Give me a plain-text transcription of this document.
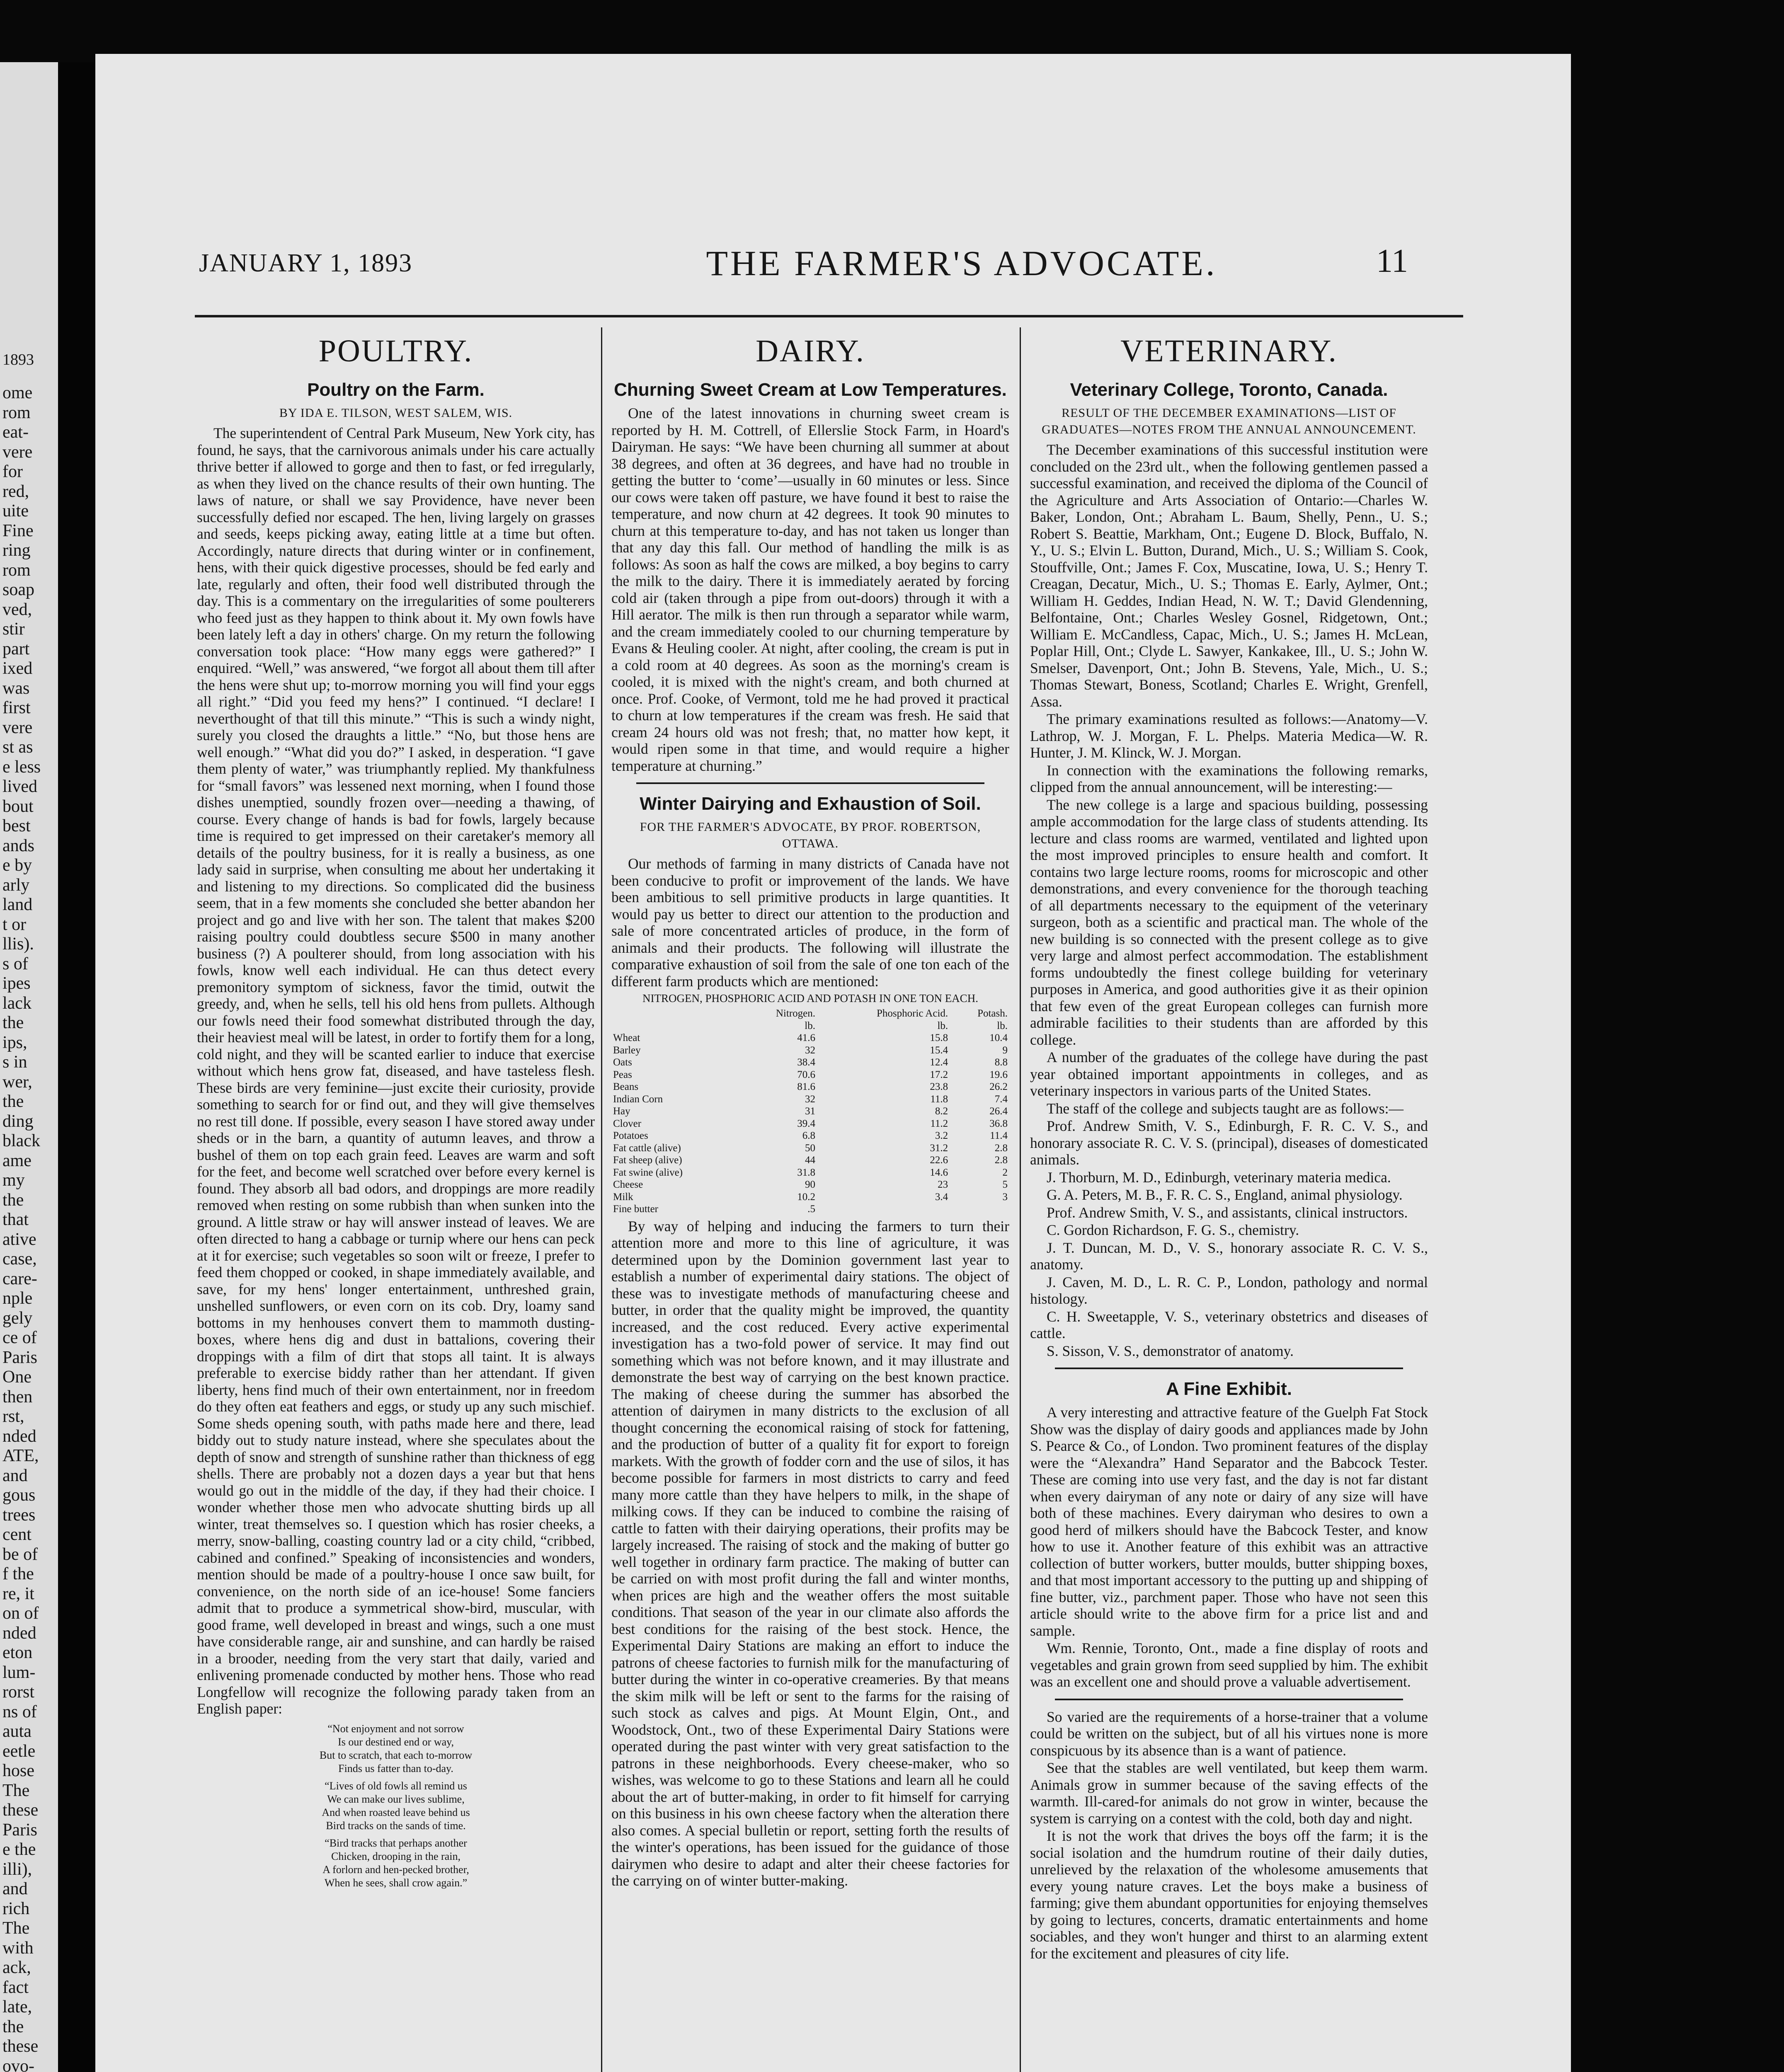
1893
ome
rom
eat-
vere
for
red,
uite
Fine
ring
rom
soap
ved,
stir
part
ixed
was
first
vere
st as
e less
lived
bout
best
ands
e by
arly
land
t or
llis).
s of
ipes
lack
the
ips,
s in
wer,
the
ding
black
ame
my
the
that
ative
case,
care-
nple
gely
ce of
Paris
One
then
rst,
nded
ATE,
and
gous
trees
cent
be of
f the
re, it
on of
nded
eton
lum-
rorst
ns of
auta
eetle
hose
The
these
Paris
e the
illi),
and
rich
The
with
ack,
fact
late,
the
these
ovo-
JANUARY 1, 1893	THE FARMER'S ADVOCATE.	11
POULTRY.
Poultry on the Farm.
BY IDA E. TILSON, WEST SALEM, WIS.

The superintendent of Central Park Museum, New York city, has found, he says, that the carnivorous animals under his care actually thrive better if allowed to gorge and then to fast, or fed irregularly, as when they lived on the chance results of their own hunting. The laws of nature, or shall we say Providence, have never been successfully defied nor escaped. The hen, living largely on grasses and seeds, keeps picking away, eating little at a time but often. Accordingly, nature directs that during winter or in confinement, hens, with their quick digestive processes, should be fed early and late, regularly and often, their food well distributed through the day. This is a commentary on the irregularities of some poulterers who feed just as they happen to think about it. My own fowls have been lately left a day in others' charge. On my return the following conversation took place: “How many eggs were gathered?” I enquired. “Well,” was answered, “we forgot all about them till after the hens were shut up; to-morrow morning you will find your eggs all right.” “Did you feed my hens?” I continued. “I declare! I neverthought of that till this minute.” “This is such a windy night, surely you closed the draughts a little.” “No, but those hens are well enough.” “What did you do?” I asked, in desperation. “I gave them plenty of water,” was triumphantly replied. My thankfulness for “small favors” was lessened next morning, when I found those dishes unemptied, soundly frozen over—needing a thawing, of course. Every change of hands is bad for fowls, largely because time is required to get impressed on their caretaker's memory all details of the poultry business, for it is really a business, as one lady said in surprise, when consulting me about her undertaking it and listening to my directions. So complicated did the business seem, that in a few moments she concluded she better abandon her project and go and live with her son. The talent that makes $200 raising poultry could doubtless secure $500 in many another business (?) A poulterer should, from long association with his fowls, know well each individual. He can thus detect every premonitory symptom of sickness, favor the timid, outwit the greedy, and, when he sells, tell his old hens from pullets. Although our fowls need their food somewhat distributed through the day, their heaviest meal will be latest, in order to fortify them for a long, cold night, and they will be scanted earlier to induce that exercise without which hens grow fat, diseased, and have tasteless flesh. These birds are very feminine—just excite their curiosity, provide something to search for or find out, and they will give themselves no rest till done. If possible, every season I have stored away under sheds or in the barn, a quantity of autumn leaves, and throw a bushel of them on top each grain feed. Leaves are warm and soft for the feet, and become well scratched over before every kernel is found. They absorb all bad odors, and droppings are more readily removed when resting on some rubbish than when sunken into the ground. A little straw or hay will answer instead of leaves. We are often directed to hang a cabbage or turnip where our hens can peck at it for exercise; such vegetables so soon wilt or freeze, I prefer to feed them chopped or cooked, in shape immediately available, and save, for my hens' longer entertainment, unthreshed grain, unshelled sunflowers, or even corn on its cob. Dry, loamy sand bottoms in my henhouses convert them to mammoth dusting-boxes, where hens dig and dust in battalions, covering their droppings with a film of dirt that stops all taint. It is always preferable to exercise biddy rather than her attendant. If given liberty, hens find much of their own entertainment, nor in freedom do they often eat feathers and eggs, or study up any such mischief. Some sheds opening south, with paths made here and there, lead biddy out to study nature instead, where she speculates about the depth of snow and strength of sunshine rather than thickness of egg shells. There are probably not a dozen days a year but that hens would go out in the middle of the day, if they had their choice. I wonder whether those men who advocate shutting birds up all winter, treat themselves so. I question which has rosier cheeks, a merry, snow-balling, coasting country lad or a city child, “cribbed, cabined and confined.” Speaking of inconsistencies and wonders, mention should be made of a poultry-house I once saw built, for convenience, on the north side of an ice-house! Some fanciers admit that to produce a symmetrical show-bird, muscular, with good frame, well developed in breast and wings, such a one must have considerable range, air and sunshine, and can hardly be raised in a brooder, needing from the very start that daily, varied and enlivening promenade conducted by mother hens. Those who read Longfellow will recognize the following parady taken from an English paper:

“Not enjoyment and not sorrow
Is our destined end or way,
But to scratch, that each to-morrow
Finds us fatter than to-day.
“Lives of old fowls all remind us
We can make our lives sublime,
And when roasted leave behind us
Bird tracks on the sands of time.
“Bird tracks that perhaps another
Chicken, drooping in the rain,
A forlorn and hen-pecked brother,
When he sees, shall crow again.”
DAIRY.
Churning Sweet Cream at Low Temperatures.

One of the latest innovations in churning sweet cream is reported by H. M. Cottrell, of Ellerslie Stock Farm, in Hoard's Dairyman. He says: “We have been churning all summer at about 38 degrees, and often at 36 degrees, and have had no trouble in getting the butter to ‘come’—usually in 60 minutes or less. Since our cows were taken off pasture, we have found it best to raise the temperature, and now churn at 42 degrees. It took 90 minutes to churn at this temperature to-day, and has not taken us longer than that any day this fall. Our method of handling the milk is as follows: As soon as half the cows are milked, a boy begins to carry the milk to the dairy. There it is immediately aerated by forcing cold air (taken through a pipe from out-doors) through it with a Hill aerator. The milk is then run through a separator while warm, and the cream immediately cooled to our churning temperature by Evans & Heuling cooler. At night, after cooling, the cream is put in a cold room at 40 degrees. As soon as the morning's cream is cooled, it is mixed with the night's cream, and both churned at once. Prof. Cooke, of Vermont, told me he had proved it practical to churn at low temperatures if the cream was fresh. He said that cream 24 hours old was not fresh; that, no matter how kept, it would ripen some in that time, and would require a higher temperature at churning.”

Winter Dairying and Exhaustion of Soil.
FOR THE FARMER'S ADVOCATE, BY PROF. ROBERTSON, OTTAWA.

Our methods of farming in many districts of Canada have not been conducive to profit or improvement of the lands. We have been ambitious to sell primitive products in large quantities. It would pay us better to direct our attention to the production and sale of more concentrated articles of produce, in the form of animals and their products. The following will illustrate the comparative exhaustion of soil from the sale of one ton each of the different farm products which are mentioned:

NITROGEN, PHOSPHORIC ACID AND POTASH IN ONE TON EACH.
	Nitrogen.	Phosphoric Acid.	Potash.
	lb.	lb.	lb.
Wheat	41.6	15.8	10.4
Barley	32	15.4	9
Oats	38.4	12.4	8.8
Peas	70.6	17.2	19.6
Beans	81.6	23.8	26.2
Indian Corn	32	11.8	7.4
Hay	31	8.2	26.4
Clover	39.4	11.2	36.8
Potatoes	6.8	3.2	11.4
Fat cattle (alive)	50	31.2	2.8
Fat sheep (alive)	44	22.6	2.8
Fat swine (alive)	31.8	14.6	2
Cheese	90	23	5
Milk	10.2	3.4	3
Fine butter	.5		

By way of helping and inducing the farmers to turn their attention more and more to this line of agriculture, it was determined upon by the Dominion government last year to establish a number of experimental dairy stations. The object of these was to investigate methods of manufacturing cheese and butter, in order that the quality might be improved, the quantity increased, and the cost reduced. Every active experimental investigation has a two-fold power of service. It may find out something which was not before known, and it may illustrate and demonstrate the best way of carrying on the best known practice. The making of cheese during the summer has absorbed the attention of dairymen in many districts to the exclusion of all thought concerning the economical raising of stock for fattening, and the production of butter of a quality fit for export to foreign markets. With the growth of fodder corn and the use of silos, it has become possible for farmers in most districts to carry and feed many more cattle than they have helpers to milk, in the shape of milking cows. If they can be induced to combine the raising of cattle to fatten with their dairying operations, their profits may be largely increased. The raising of stock and the making of butter go well together in ordinary farm practice. The making of butter can be carried on with most profit during the fall and winter months, when prices are high and the weather offers the most suitable conditions. That season of the year in our climate also affords the best conditions for the raising of the best stock. Hence, the Experimental Dairy Stations are making an effort to induce the patrons of cheese factories to furnish milk for the manufacturing of butter during the winter in co-operative creameries. By that means the skim milk will be left or sent to the farms for the raising of such stock as calves and pigs. At Mount Elgin, Ont., and Woodstock, Ont., two of these Experimental Dairy Stations were operated during the past winter with very great satisfaction to the patrons in these neighborhoods. Every cheese-maker, who so wishes, was welcome to go to these Stations and learn all he could about the art of butter-making, in order to fit himself for carrying on this business in his own cheese factory when the alteration there also comes. A special bulletin or report, setting forth the results of the winter's operations, has been issued for the guidance of those dairymen who desire to adapt and alter their cheese factories for the carrying on of winter butter-making.

VETERINARY.
Veterinary College, Toronto, Canada.
RESULT OF THE DECEMBER EXAMINATIONS—LIST OF GRADUATES—NOTES FROM THE ANNUAL ANNOUNCEMENT.

The December examinations of this successful institution were concluded on the 23rd ult., when the following gentlemen passed a successful examination, and received the diploma of the Council of the Agriculture and Arts Association of Ontario:—Charles W. Baker, London, Ont.; Abraham L. Baum, Shelly, Penn., U. S.; Robert S. Beattie, Markham, Ont.; Eugene D. Block, Buffalo, N. Y., U. S.; Elvin L. Button, Durand, Mich., U. S.; William S. Cook, Stouffville, Ont.; James F. Cox, Muscatine, Iowa, U. S.; Henry T. Creagan, Decatur, Mich., U. S.; Thomas E. Early, Aylmer, Ont.; William H. Geddes, Indian Head, N. W. T.; David Glendenning, Belfontaine, Ont.; Charles Wesley Gosnel, Ridgetown, Ont.; William E. McCandless, Capac, Mich., U. S.; James H. McLean, Poplar Hill, Ont.; Clyde L. Sawyer, Kankakee, Ill., U. S.; John W. Smelser, Davenport, Ont.; John B. Stevens, Yale, Mich., U. S.; Thomas Stewart, Boness, Scotland; Charles E. Wright, Grenfell, Assa.

The primary examinations resulted as follows:—Anatomy—V. Lathrop, W. J. Morgan, F. L. Phelps. Materia Medica—W. R. Hunter, J. M. Klinck, W. J. Morgan.

In connection with the examinations the following remarks, clipped from the annual announcement, will be interesting:—

The new college is a large and spacious building, possessing ample accommodation for the large class of students attending. Its lecture and class rooms are warmed, ventilated and lighted upon the most improved principles to ensure health and comfort. It contains two large lecture rooms, rooms for microscopic and other demonstrations, and every convenience for the thorough teaching of all departments necessary to the equipment of the veterinary surgeon, both as a scientific and practical man. The whole of the new building is so connected with the present college as to give very large and almost perfect accommodation. The establishment forms undoubtedly the finest college building for veterinary purposes in America, and good authorities give it as their opinion that few even of the great European colleges can furnish more admirable facilities to their students than are afforded by this college.

A number of the graduates of the college have during the past year obtained important appointments in colleges, and as veterinary inspectors in various parts of the United States.

The staff of the college and subjects taught are as follows:—

Prof. Andrew Smith, V. S., Edinburgh, F. R. C. V. S., and honorary associate R. C. V. S. (principal), diseases of domesticated animals.

J. Thorburn, M. D., Edinburgh, veterinary materia medica.

G. A. Peters, M. B., F. R. C. S., England, animal physiology.

Prof. Andrew Smith, V. S., and assistants, clinical instructors.

C. Gordon Richardson, F. G. S., chemistry.

J. T. Duncan, M. D., V. S., honorary associate R. C. V. S., anatomy.

J. Caven, M. D., L. R. C. P., London, pathology and normal histology.

C. H. Sweetapple, V. S., veterinary obstetrics and diseases of cattle.

S. Sisson, V. S., demonstrator of anatomy.

A Fine Exhibit.

A very interesting and attractive feature of the Guelph Fat Stock Show was the display of dairy goods and appliances made by John S. Pearce & Co., of London. Two prominent features of the display were the “Alexandra” Hand Separator and the Babcock Tester. These are coming into use very fast, and the day is not far distant when every dairyman of any note or dairy of any size will have both of these machines. Every dairyman who desires to own a good herd of milkers should have the Babcock Tester, and know how to use it. Another feature of this exhibit was an attractive collection of butter workers, butter moulds, butter shipping boxes, and that most important accessory to the putting up and shipping of fine butter, viz., parchment paper. Those who have not seen this article should write to the above firm for a price list and and sample.

Wm. Rennie, Toronto, Ont., made a fine display of roots and vegetables and grain grown from seed supplied by him. The exhibit was an excellent one and should prove a valuable advertisement.

So varied are the requirements of a horse-trainer that a volume could be written on the subject, but of all his virtues none is more conspicuous by its absence than is a want of patience.

See that the stables are well ventilated, but keep them warm. Animals grow in summer because of the saving effects of the warmth. Ill-cared-for animals do not grow in winter, because the system is carrying on a contest with the cold, both day and night.

It is not the work that drives the boys off the farm; it is the social isolation and the humdrum routine of their daily duties, unrelieved by the relaxation of the wholesome amusements that every young nature craves. Let the boys make a business of farming; give them abundant opportunities for enjoying themselves by going to lectures, concerts, dramatic entertainments and home sociables, and they won't hunger and thirst to an alarming extent for the excitement and pleasures of city life.
